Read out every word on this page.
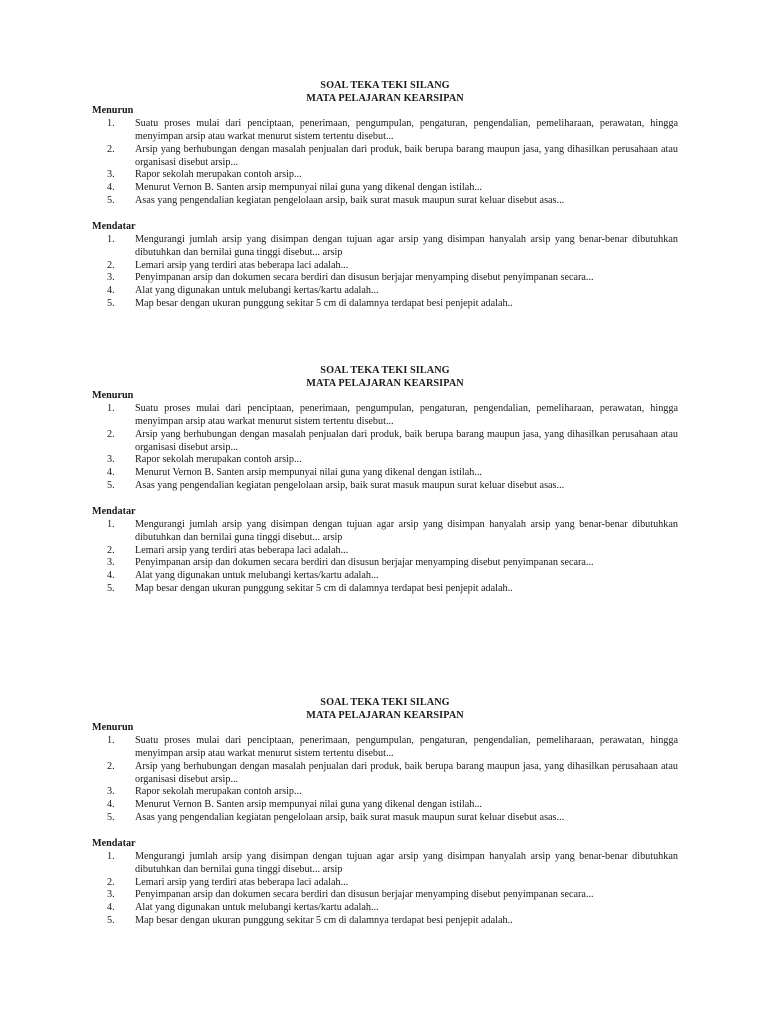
SOAL TEKA TEKI SILANG
MATA PELAJARAN KEARSIPAN
Menurun
1.	Suatu proses mulai dari penciptaan, penerimaan, pengumpulan, pengaturan, pengendalian, pemeliharaan, perawatan, hingga menyimpan arsip atau warkat menurut sistem tertentu disebut...
2.	Arsip yang berhubungan dengan masalah penjualan dari produk, baik berupa barang maupun jasa, yang dihasilkan perusahaan atau organisasi disebut arsip...
3.	Rapor sekolah merupakan contoh arsip...
4.	Menurut Vernon B. Santen arsip mempunyai nilai guna yang dikenal dengan istilah...
5.	Asas yang pengendalian kegiatan pengelolaan arsip, baik surat masuk maupun surat keluar disebut asas...
Mendatar
1.	Mengurangi jumlah arsip yang disimpan dengan tujuan agar arsip yang disimpan hanyalah arsip yang benar-benar dibutuhkan dibutuhkan dan bernilai guna tinggi disebut... arsip
2.	Lemari arsip yang terdiri atas beberapa laci adalah...
3.	Penyimpanan arsip dan dokumen secara berdiri dan disusun berjajar menyamping disebut penyimpanan secara...
4.	Alat yang digunakan untuk melubangi kertas/kartu adalah...
5.	Map besar dengan ukuran punggung sekitar 5 cm di dalamnya terdapat besi penjepit adalah..
SOAL TEKA TEKI SILANG
MATA PELAJARAN KEARSIPAN
Menurun
1.	Suatu proses mulai dari penciptaan, penerimaan, pengumpulan, pengaturan, pengendalian, pemeliharaan, perawatan, hingga menyimpan arsip atau warkat menurut sistem tertentu disebut...
2.	Arsip yang berhubungan dengan masalah penjualan dari produk, baik berupa barang maupun jasa, yang dihasilkan perusahaan atau organisasi disebut arsip...
3.	Rapor sekolah merupakan contoh arsip...
4.	Menurut Vernon B. Santen arsip mempunyai nilai guna yang dikenal dengan istilah...
5.	Asas yang pengendalian kegiatan pengelolaan arsip, baik surat masuk maupun surat keluar disebut asas...
Mendatar
1.	Mengurangi jumlah arsip yang disimpan dengan tujuan agar arsip yang disimpan hanyalah arsip yang benar-benar dibutuhkan dibutuhkan dan bernilai guna tinggi disebut... arsip
2.	Lemari arsip yang terdiri atas beberapa laci adalah...
3.	Penyimpanan arsip dan dokumen secara berdiri dan disusun berjajar menyamping disebut penyimpanan secara...
4.	Alat yang digunakan untuk melubangi kertas/kartu adalah...
5.	Map besar dengan ukuran punggung sekitar 5 cm di dalamnya terdapat besi penjepit adalah..
SOAL TEKA TEKI SILANG
MATA PELAJARAN KEARSIPAN
Menurun
1.	Suatu proses mulai dari penciptaan, penerimaan, pengumpulan, pengaturan, pengendalian, pemeliharaan, perawatan, hingga menyimpan arsip atau warkat menurut sistem tertentu disebut...
2.	Arsip yang berhubungan dengan masalah penjualan dari produk, baik berupa barang maupun jasa, yang dihasilkan perusahaan atau organisasi disebut arsip...
3.	Rapor sekolah merupakan contoh arsip...
4.	Menurut Vernon B. Santen arsip mempunyai nilai guna yang dikenal dengan istilah...
5.	Asas yang pengendalian kegiatan pengelolaan arsip, baik surat masuk maupun surat keluar disebut asas...
Mendatar
1.	Mengurangi jumlah arsip yang disimpan dengan tujuan agar arsip yang disimpan hanyalah arsip yang benar-benar dibutuhkan dibutuhkan dan bernilai guna tinggi disebut... arsip
2.	Lemari arsip yang terdiri atas beberapa laci adalah...
3.	Penyimpanan arsip dan dokumen secara berdiri dan disusun berjajar menyamping disebut penyimpanan secara...
4.	Alat yang digunakan untuk melubangi kertas/kartu adalah...
5.	Map besar dengan ukuran punggung sekitar 5 cm di dalamnya terdapat besi penjepit adalah..
